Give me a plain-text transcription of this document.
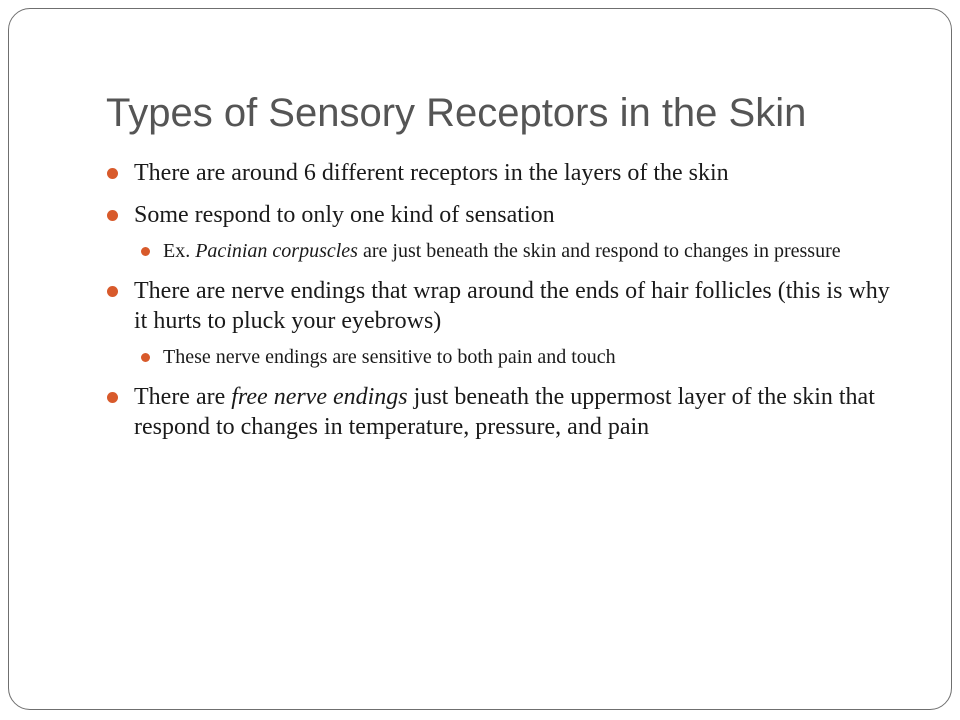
Types of Sensory Receptors in the Skin

There are around 6 different receptors in the layers of the skin

Some respond to only one kind of sensation

Ex. Pacinian corpuscles are just beneath the skin and respond to changes in pressure

There are nerve endings that wrap around the ends of hair follicles (this is why it hurts to pluck your eyebrows)

These nerve endings are sensitive to both pain and touch

There are free nerve endings just beneath the uppermost layer of the skin that respond to changes in temperature, pressure, and pain
